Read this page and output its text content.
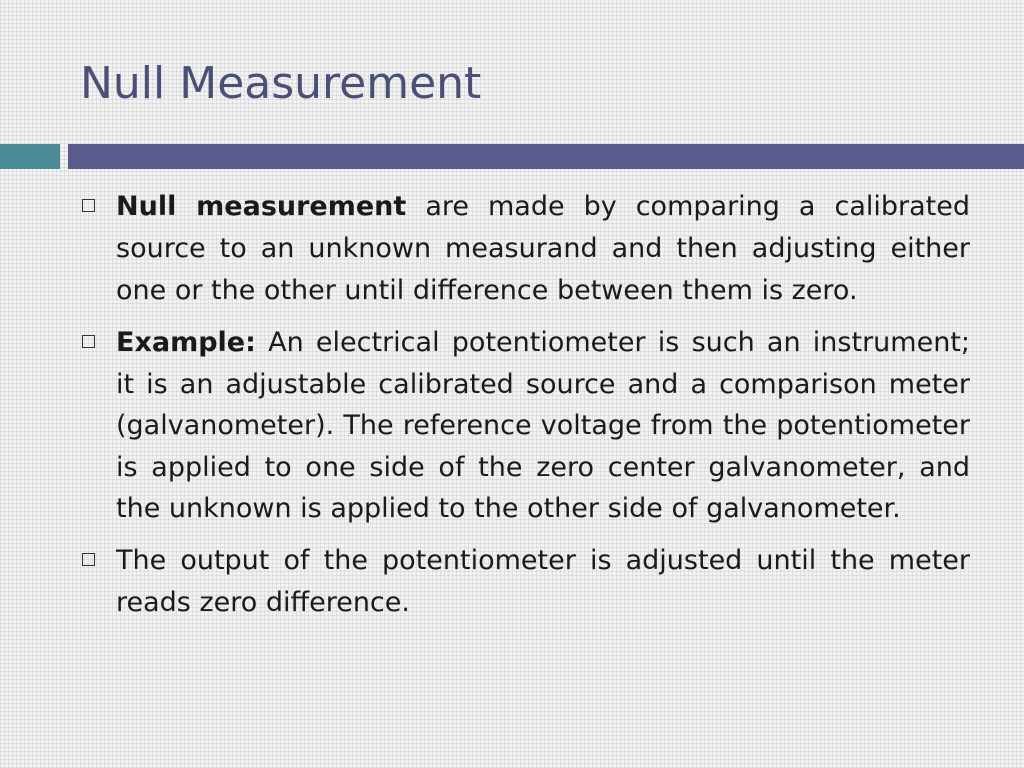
Null Measurement
Null measurement are made by comparing a calibrated source to an unknown measurand and then adjusting either one or the other until difference between them is zero.
Example: An electrical potentiometer is such an instrument; it is an adjustable calibrated source and a comparison meter (galvanometer). The reference voltage from the potentiometer is applied to one side of the zero center galvanometer, and the unknown is applied to the other side of galvanometer.
The output of the potentiometer is adjusted until the meter reads zero difference.
